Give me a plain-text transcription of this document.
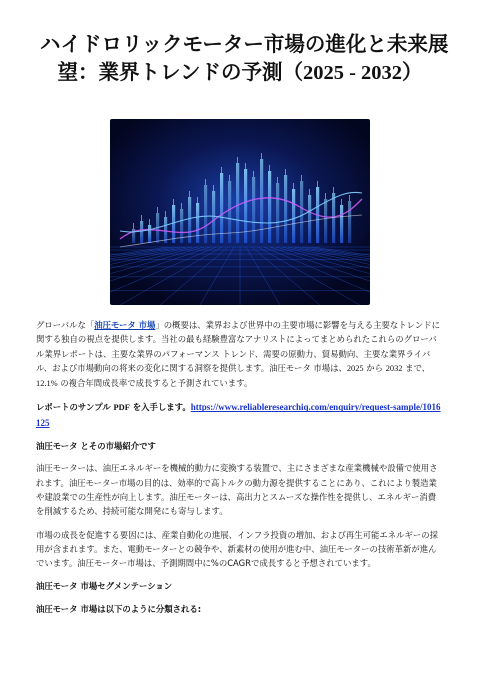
ハイドロリックモーター市場の進化と未来展
望：業界トレンドの予測（2025 - 2032）

グローバルな「油圧モータ 市場」の概要は、業界および世界中の主要市場に影響を与える主要なトレンドに関する独自の視点を提供します。当社の最も経験豊富なアナリストによってまとめられたこれらのグローバル業界レポートは、主要な業界のパフォーマンス トレンド、需要の原動力、貿易動向、主要な業界ライバル、および市場動向の将来の変化に関する洞察を提供します。油圧モータ 市場は、2025 から 2032 まで、12.1% の複合年間成長率で成長すると予測されています。

レポートのサンプル PDF を入手します。https://www.reliableresearchiq.com/enquiry/request-sample/1016125

油圧モータ とその市場紹介です

油圧モーターは、油圧エネルギーを機械的動力に変換する装置で、主にさまざまな産業機械や設備で使用されます。油圧モーター市場の目的は、効率的で高トルクの動力源を提供することにあり、これにより製造業や建設業での生産性が向上します。油圧モーターは、高出力とスムーズな操作性を提供し、エネルギー消費を削減するため、持続可能な開発にも寄与します。

市場の成長を促進する要因には、産業自動化の進展、インフラ投資の増加、および再生可能エネルギーの採用が含まれます。また、電動モーターとの競争や、新素材の使用が進む中、油圧モーターの技術革新が進んでいます。油圧モーター市場は、予測期間中に%のCAGRで成長すると予想されています。

油圧モータ 市場セグメンテーション

油圧モータ 市場は以下のように分類される:
